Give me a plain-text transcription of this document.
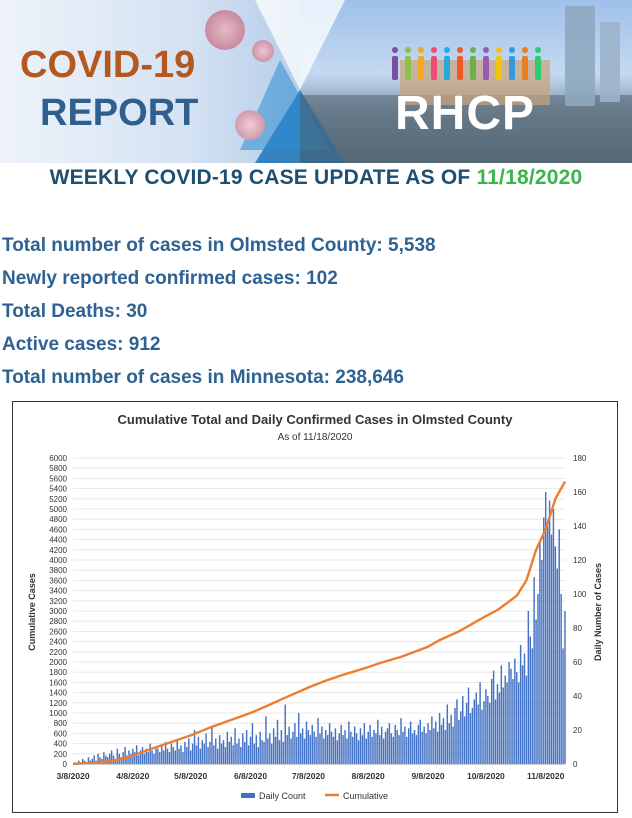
COVID-19
REPORT	RHCP
WEEKLY COVID-19 CASE UPDATE AS OF 11/18/2020
Total number of cases in Olmsted County: 5,538
Newly reported confirmed cases: 102
Total Deaths: 30
Active cases: 912
Total number of cases in Minnesota: 238,646
Cumulative Total and Daily Confirmed Cases in Olmsted County
As of 11/18/2020
Cumulative Cases	Daily Number of Cases
0
200
400
600
800
1000
1200
1400
1600
1800
2000
2200
2400
2600
2800
3000
3200
3400
3600
3800
4000
4200
4400
4600
4800
5000
5200
5400
5600
5800
6000
0
20
40
60
80
100
120
140
160
180
3/8/2020	4/8/2020	5/8/2020	6/8/2020	7/8/2020	8/8/2020	9/8/2020	10/8/2020	11/8/2020
Daily Count	Cumulative
